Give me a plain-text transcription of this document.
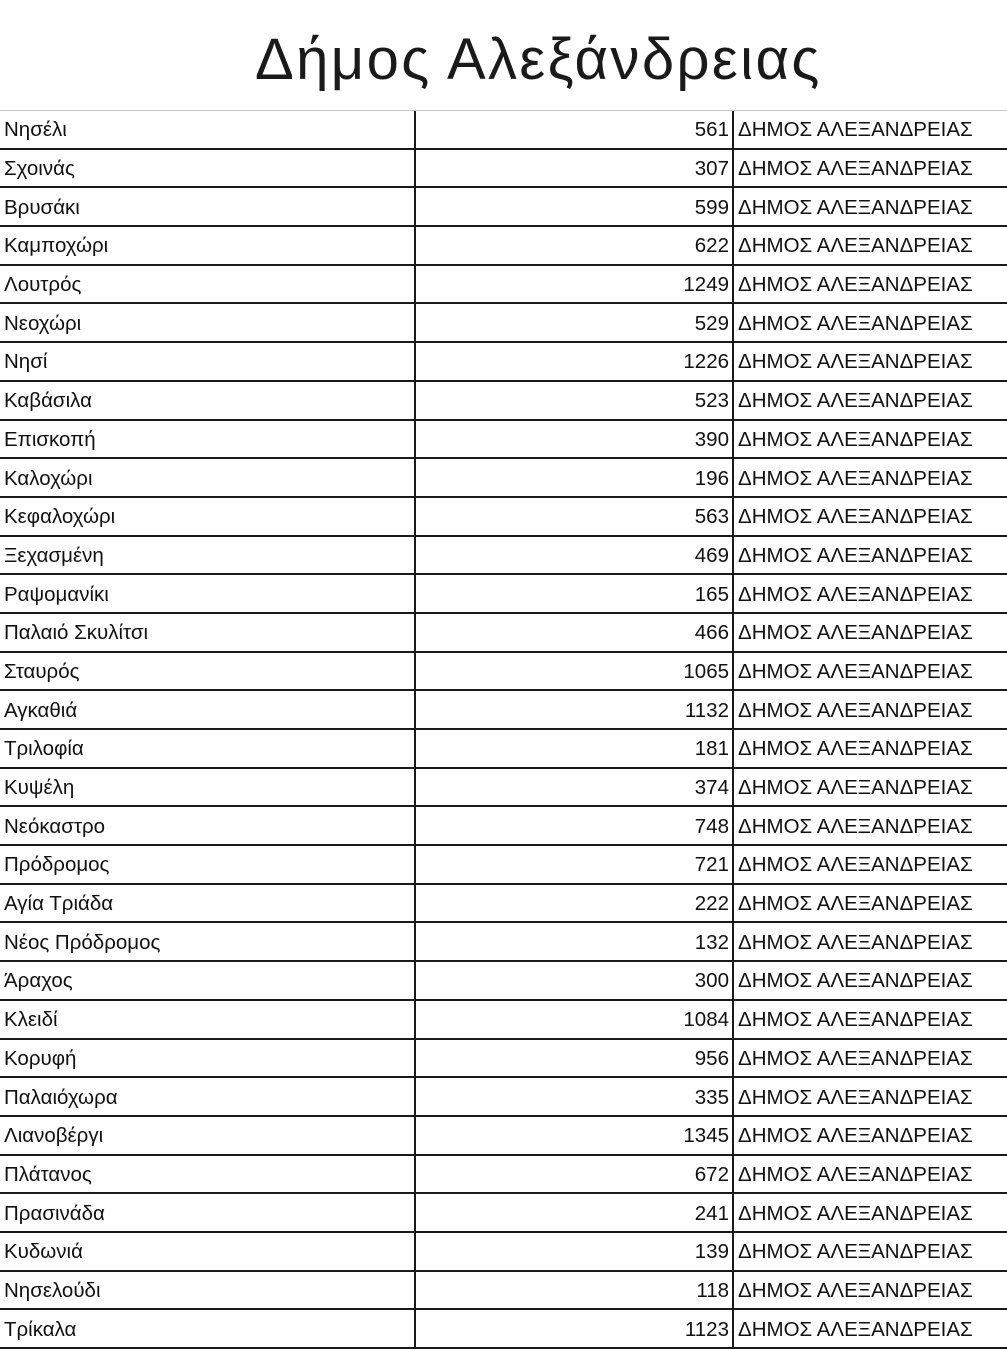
Δήμος Αλεξάνδρειας
Νησέλι	561 ΔΗΜΟΣ ΑΛΕΞΑΝΔΡΕΙΑΣ
Σχοινάς	307 ΔΗΜΟΣ ΑΛΕΞΑΝΔΡΕΙΑΣ
Βρυσάκι	599 ΔΗΜΟΣ ΑΛΕΞΑΝΔΡΕΙΑΣ
Καμποχώρι	622 ΔΗΜΟΣ ΑΛΕΞΑΝΔΡΕΙΑΣ
Λουτρός	1249 ΔΗΜΟΣ ΑΛΕΞΑΝΔΡΕΙΑΣ
Νεοχώρι	529 ΔΗΜΟΣ ΑΛΕΞΑΝΔΡΕΙΑΣ
Νησί	1226 ΔΗΜΟΣ ΑΛΕΞΑΝΔΡΕΙΑΣ
Καβάσιλα	523 ΔΗΜΟΣ ΑΛΕΞΑΝΔΡΕΙΑΣ
Επισκοπή	390 ΔΗΜΟΣ ΑΛΕΞΑΝΔΡΕΙΑΣ
Καλοχώρι	196 ΔΗΜΟΣ ΑΛΕΞΑΝΔΡΕΙΑΣ
Κεφαλοχώρι	563 ΔΗΜΟΣ ΑΛΕΞΑΝΔΡΕΙΑΣ
Ξεχασμένη	469 ΔΗΜΟΣ ΑΛΕΞΑΝΔΡΕΙΑΣ
Ραψομανίκι	165 ΔΗΜΟΣ ΑΛΕΞΑΝΔΡΕΙΑΣ
Παλαιό Σκυλίτσι	466 ΔΗΜΟΣ ΑΛΕΞΑΝΔΡΕΙΑΣ
Σταυρός	1065 ΔΗΜΟΣ ΑΛΕΞΑΝΔΡΕΙΑΣ
Αγκαθιά	1132 ΔΗΜΟΣ ΑΛΕΞΑΝΔΡΕΙΑΣ
Τριλοφία	181 ΔΗΜΟΣ ΑΛΕΞΑΝΔΡΕΙΑΣ
Κυψέλη	374 ΔΗΜΟΣ ΑΛΕΞΑΝΔΡΕΙΑΣ
Νεόκαστρο	748 ΔΗΜΟΣ ΑΛΕΞΑΝΔΡΕΙΑΣ
Πρόδρομος	721 ΔΗΜΟΣ ΑΛΕΞΑΝΔΡΕΙΑΣ
Αγία Τριάδα	222 ΔΗΜΟΣ ΑΛΕΞΑΝΔΡΕΙΑΣ
Νέος Πρόδρομος	132 ΔΗΜΟΣ ΑΛΕΞΑΝΔΡΕΙΑΣ
Άραχος	300 ΔΗΜΟΣ ΑΛΕΞΑΝΔΡΕΙΑΣ
Κλειδί	1084 ΔΗΜΟΣ ΑΛΕΞΑΝΔΡΕΙΑΣ
Κορυφή	956 ΔΗΜΟΣ ΑΛΕΞΑΝΔΡΕΙΑΣ
Παλαιόχωρα	335 ΔΗΜΟΣ ΑΛΕΞΑΝΔΡΕΙΑΣ
Λιανοβέργι	1345 ΔΗΜΟΣ ΑΛΕΞΑΝΔΡΕΙΑΣ
Πλάτανος	672 ΔΗΜΟΣ ΑΛΕΞΑΝΔΡΕΙΑΣ
Πρασινάδα	241 ΔΗΜΟΣ ΑΛΕΞΑΝΔΡΕΙΑΣ
Κυδωνιά	139 ΔΗΜΟΣ ΑΛΕΞΑΝΔΡΕΙΑΣ
Νησελούδι	118 ΔΗΜΟΣ ΑΛΕΞΑΝΔΡΕΙΑΣ
Τρίκαλα	1123 ΔΗΜΟΣ ΑΛΕΞΑΝΔΡΕΙΑΣ
